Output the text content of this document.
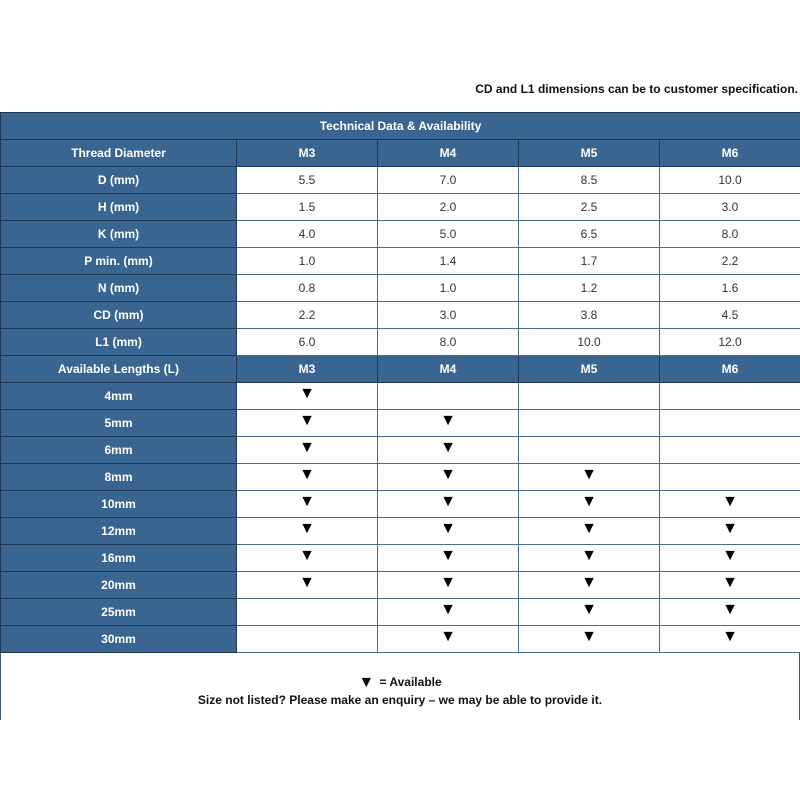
CD and L1 dimensions can be to customer specification.
Technical Data & Availability				
Thread Diameter	M3	M4	M5	M6
D (mm)	5.5	7.0	8.5	10.0
H (mm)	1.5	2.0	2.5	3.0
K (mm)	4.0	5.0	6.5	8.0
P min. (mm)	1.0	1.4	1.7	2.2
N (mm)	0.8	1.0	1.2	1.6
CD (mm)	2.2	3.0	3.8	4.5
L1 (mm)	6.0	8.0	10.0	12.0
Available Lengths (L)	M3	M4	M5	M6
4mm	▼			
5mm	▼	▼		
6mm	▼	▼		
8mm	▼	▼	▼	
10mm	▼	▼	▼	▼
12mm	▼	▼	▼	▼
16mm	▼	▼	▼	▼
20mm	▼	▼	▼	▼
25mm		▼	▼	▼
30mm		▼	▼	▼
▼ = Available
Size not listed? Please make an enquiry – we may be able to provide it.
